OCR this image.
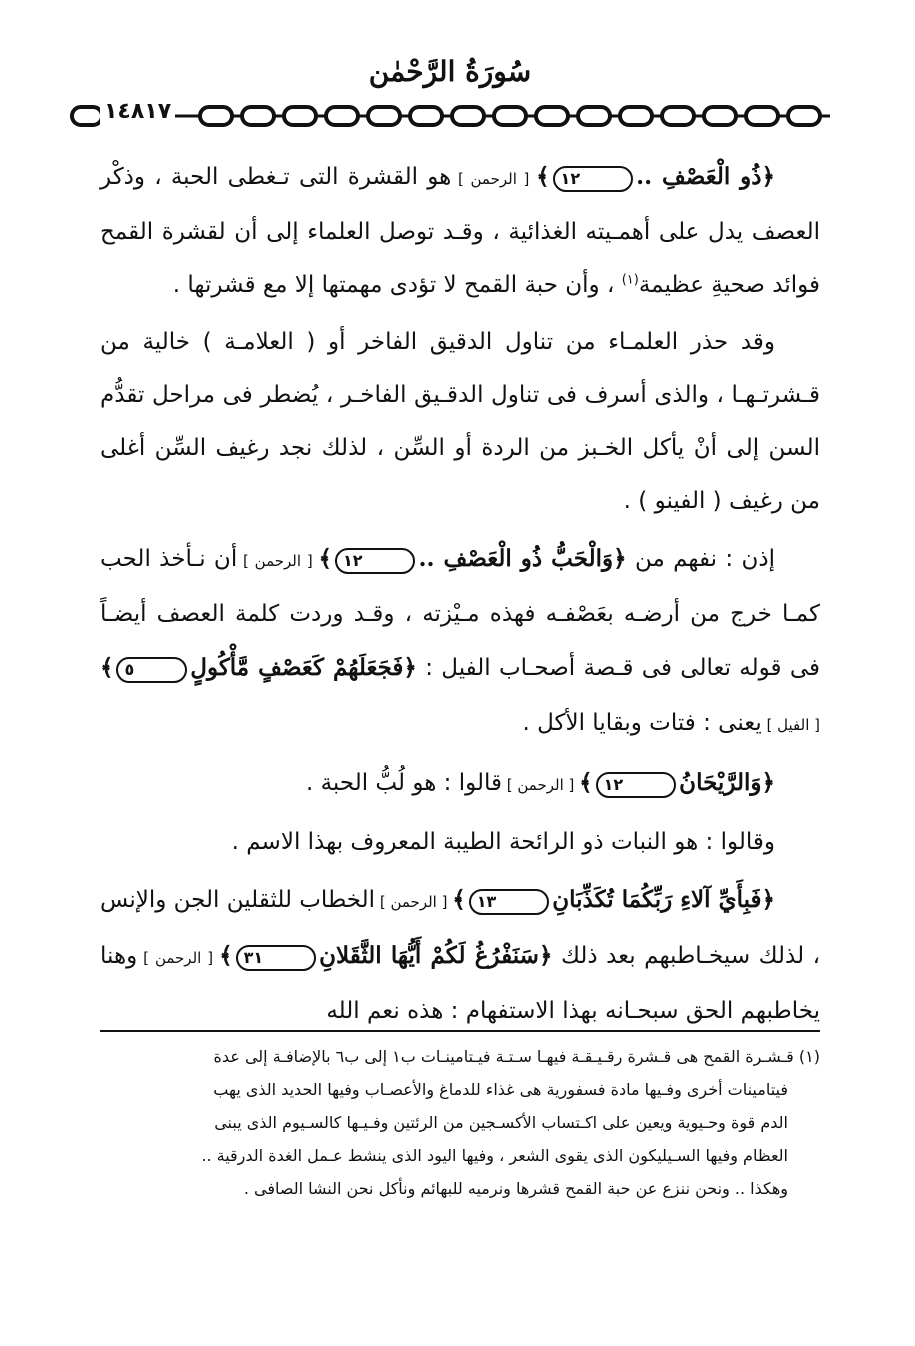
سُورَةُ الرَّحْمٰن
١٤٨١٧

﴿ذُو الْعَصْفِ ..١٢﴾ [ الرحمن ] هو القشرة التى تـغطى الحبة ، وذكْر العصف يدل على أهمـيته الغذائية ، وقـد توصل العلماء إلى أن لقشرة القمح فوائد صحيةِ عظيمة$^{(١)}$ ، وأن حبة القمح لا تؤدى مهمتها إلا مع قشرتها .

وقد حذر العلمـاء من تناول الدقيق الفاخر أو ( العلامـة ) خالية من قـشرتـهـا ، والذى أسرف فى تناول الدقـيق الفاخـر ، يُضطر فى مراحل تقدُّم السن إلى أنْ يأكل الخـبز من الردة أو السِّن ، لذلك نجد رغيف السِّن أغلى من رغيف ( الفينو ) .

إذن : نفهم من ﴿وَالْحَبُّ ذُو الْعَصْفِ ..١٢﴾ [ الرحمن ] أن نـأخذ الحب كمـا خرج من أرضـه بعَصْفـه فهذه مـيْزته ، وقـد وردت كلمة العصف أيضـاً فى قوله تعالى فى قـصة أصحـاب الفيل : ﴿فَجَعَلَهُمْ كَعَصْفٍ مَّأْكُولٍ٥﴾ [ الفيل ] يعنى : فتات وبقايا الأكل .

﴿وَالرَّيْحَانُ١٢﴾ [ الرحمن ] قالوا : هو لُبُّ الحبة .

وقالوا : هو النبات ذو الرائحة الطيبة المعروف بهذا الاسم .

﴿فَبِأَيِّ آلاءِ رَبِّكُمَا تُكَذِّبَانِ١٣﴾ [ الرحمن ] الخطاب للثقلين الجن والإنس ، لذلك سيخـاطبهم بعد ذلك ﴿سَنَفْرُغُ لَكُمْ أَيُّهَا الثَّقَلانِ٣١﴾ [ الرحمن ] وهنا يخاطبهم الحق سبحـانه بهذا الاستفهام : هذه نعم الله

(١) قـشـرة القمح هى قـشرة رقـيـقـة فيهـا سـتـة فيـتامينـات ب١ إلى ب٦ بالإضافـة إلى عدة

فيتامينات أخرى وفـيها مادة فسفورية هى غذاء للدماغ والأعصـاب وفيها الحديد الذى يهب

الدم قوة وحـيوية ويعين على اكـتساب الأكسـجين من الرئتين وفـيـها كالسـيوم الذى يبنى

العظام وفيها السـيليكون الذى يقوى الشعر ، وفيها اليود الذى ينشط عـمل الغدة الدرقية ..

وهكذا .. ونحن ننزع عن حبة القمح قشرها ونرميه للبهائم ونأكل نحن النشا الصافى .
